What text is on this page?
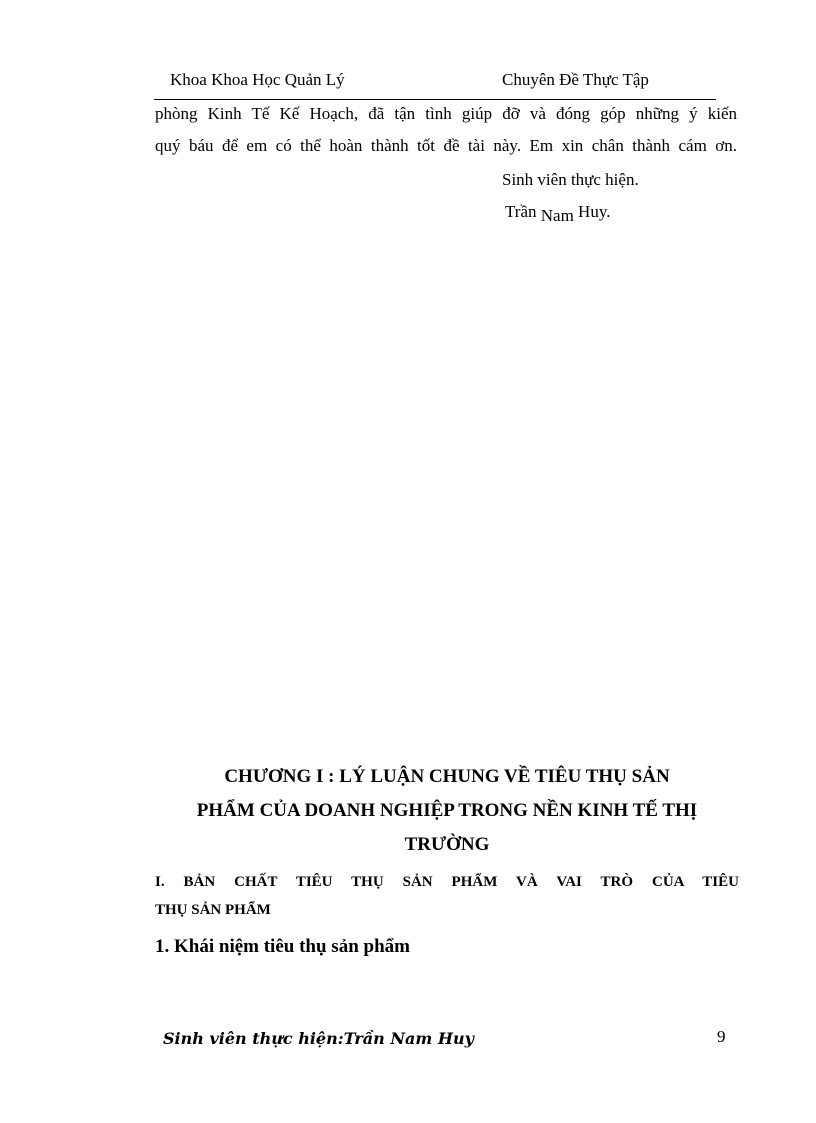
Khoa Khoa Học Quản Lý	Chuyên Đề Thực Tập
phòng Kinh Tế Kế Hoạch, đã tận tình giúp đỡ và đóng góp những ý kiến
quý báu để em có thể hoàn thành tốt đề tài này. Em xin chân thành cám ơn.
Sinh viên thực hiện.
Trần Nam Huy.
CHƯƠNG I : LÝ LUẬN CHUNG VỀ TIÊU THỤ SẢN
PHẨM CỦA DOANH NGHIỆP TRONG NỀN KINH TẾ THỊ
TRƯỜNG
I. BẢN CHẤT TIÊU THỤ SẢN PHẨM VÀ VAI TRÒ CỦA TIÊU
THỤ SẢN PHẨM
1. Khái niệm tiêu thụ sản phẩm
Sinh viên thực hiện:Trần Nam Huy	9
